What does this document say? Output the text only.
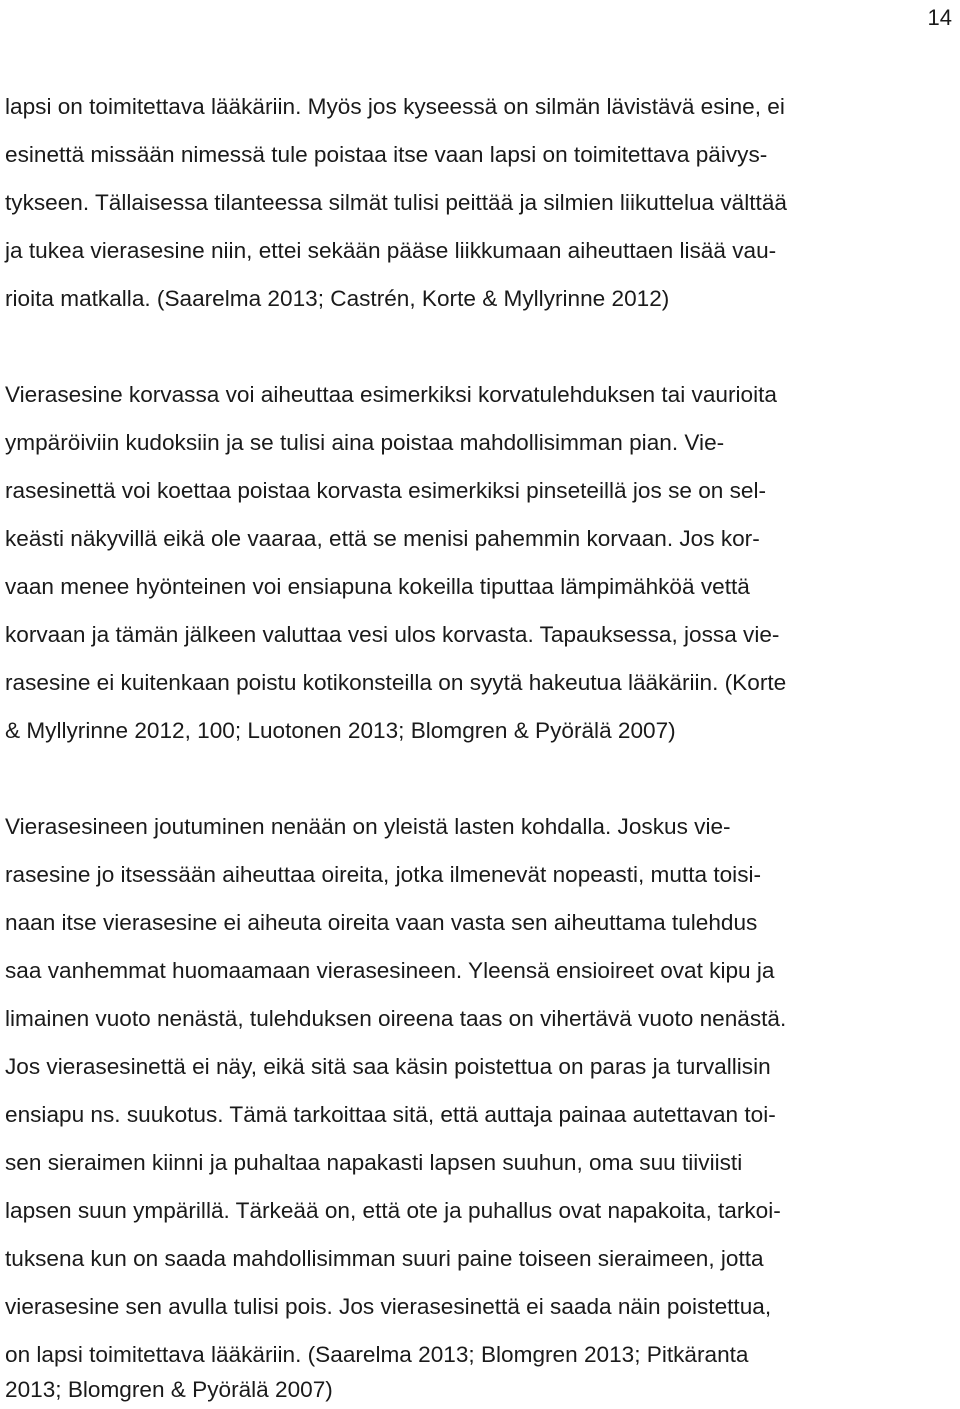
14
lapsi on toimitettava lääkäriin. Myös jos kyseessä on silmän lävistävä esine, ei
esinettä missään nimessä tule poistaa itse vaan lapsi on toimitettava päivys-
tykseen. Tällaisessa tilanteessa silmät tulisi peittää ja silmien liikuttelua välttää
ja tukea vierasesine niin, ettei sekään pääse liikkumaan aiheuttaen lisää vau-
rioita matkalla. (Saarelma 2013; Castrén, Korte & Myllyrinne 2012)
Vierasesine korvassa voi aiheuttaa esimerkiksi korvatulehduksen tai vaurioita
ympäröiviin kudoksiin ja se tulisi aina poistaa mahdollisimman pian. Vie-
rasesinettä voi koettaa poistaa korvasta esimerkiksi pinseteillä jos se on sel-
keästi näkyvillä eikä ole vaaraa, että se menisi pahemmin korvaan. Jos kor-
vaan menee hyönteinen voi ensiapuna kokeilla tiputtaa lämpimähköä vettä
korvaan ja tämän jälkeen valuttaa vesi ulos korvasta. Tapauksessa, jossa vie-
rasesine ei kuitenkaan poistu kotikonsteilla on syytä hakeutua lääkäriin. (Korte
& Myllyrinne 2012, 100; Luotonen 2013; Blomgren & Pyörälä 2007)
Vierasesineen joutuminen nenään on yleistä lasten kohdalla. Joskus vie-
rasesine jo itsessään aiheuttaa oireita, jotka ilmenevät nopeasti, mutta toisi-
naan itse vierasesine ei aiheuta oireita vaan vasta sen aiheuttama tulehdus
saa vanhemmat huomaamaan vierasesineen. Yleensä ensioireet ovat kipu ja
limainen vuoto nenästä, tulehduksen oireena taas on vihertävä vuoto nenästä.
Jos vierasesinettä ei näy, eikä sitä saa käsin poistettua on paras ja turvallisin
ensiapu ns. suukotus. Tämä tarkoittaa sitä, että auttaja painaa autettavan toi-
sen sieraimen kiinni ja puhaltaa napakasti lapsen suuhun, oma suu tiiviisti
lapsen suun ympärillä. Tärkeää on, että ote ja puhallus ovat napakoita, tarkoi-
tuksena kun on saada mahdollisimman suuri paine toiseen sieraimeen, jotta
vierasesine sen avulla tulisi pois. Jos vierasesinettä ei saada näin poistettua,
on lapsi toimitettava lääkäriin. (Saarelma 2013; Blomgren 2013; Pitkäranta
2013; Blomgren & Pyörälä 2007)
